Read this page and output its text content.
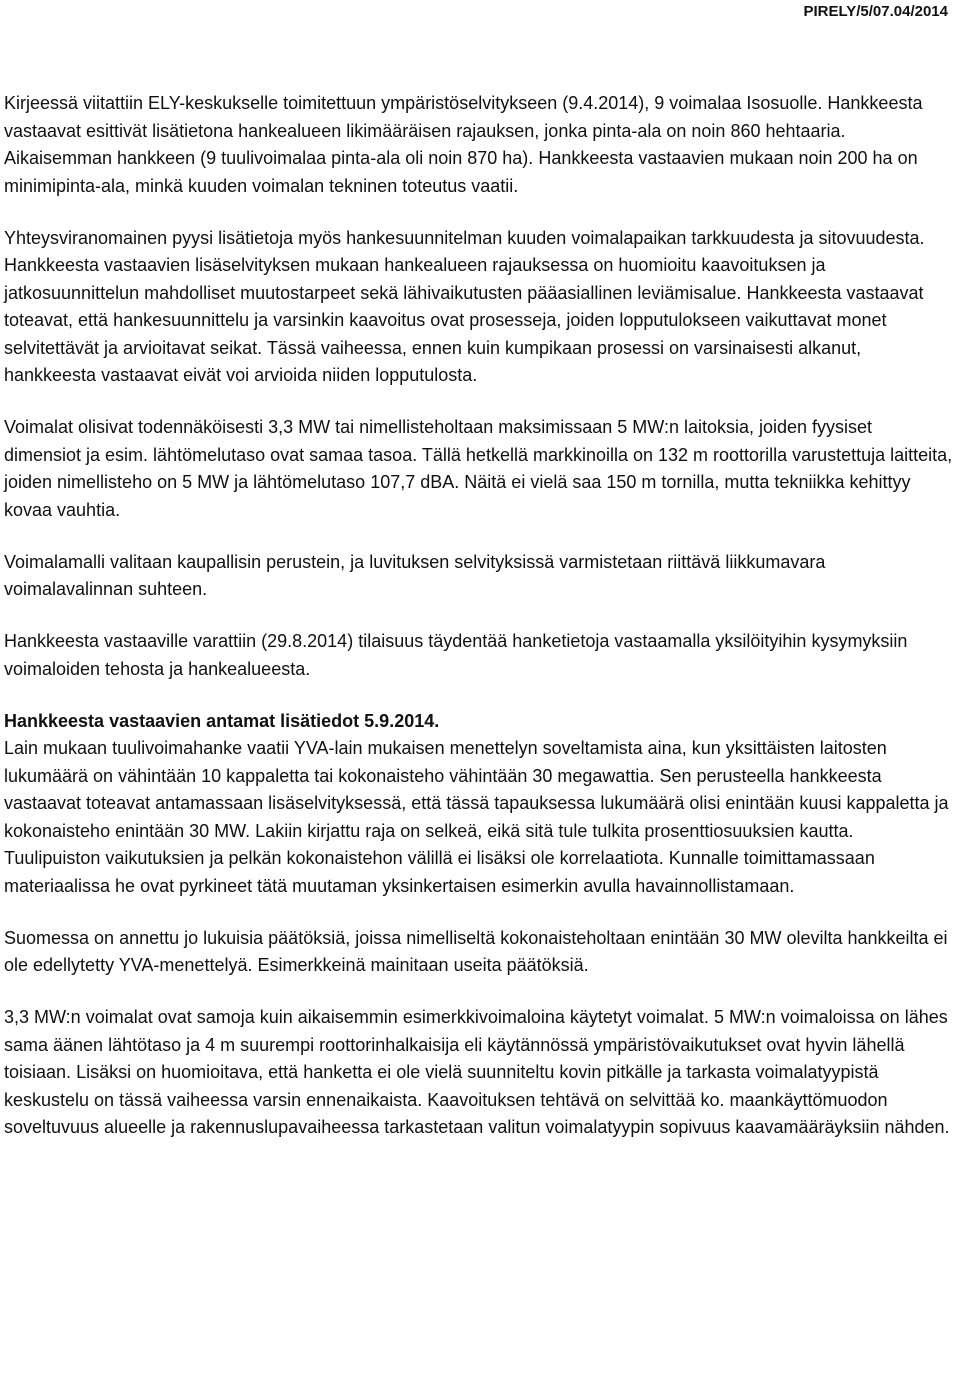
PIRELY/5/07.04/2014

Kirjeessä viitattiin ELY-keskukselle toimitettuun ympäristöselvitykseen (9.4.2014), 9 voimalaa Isosuolle. Hankkeesta vastaavat esittivät lisätietona hankealueen likimääräisen rajauksen, jonka pinta-ala on noin 860 hehtaaria. Aikaisemman hankkeen (9 tuulivoimalaa pinta-ala oli noin 870 ha). Hankkeesta vastaavien mukaan noin 200 ha on minimipinta-ala, minkä kuuden voimalan tekninen toteutus vaatii.

Yhteysviranomainen pyysi lisätietoja myös hankesuunnitelman kuuden voimalapaikan tarkkuudesta ja sitovuudesta. Hankkeesta vastaavien lisäselvityksen mukaan hankealueen rajauksessa on huomioitu kaavoituksen ja jatkosuunnittelun mahdolliset muutostarpeet sekä lähivaikutusten pääasiallinen leviämisalue. Hankkeesta vastaavat toteavat, että hankesuunnittelu ja varsinkin kaavoitus ovat prosesseja, joiden lopputulokseen vaikuttavat monet selvitettävät ja arvioitavat seikat. Tässä vaiheessa, ennen kuin kumpikaan prosessi on varsinaisesti alkanut, hankkeesta vastaavat eivät voi arvioida niiden lopputulosta.

Voimalat olisivat todennäköisesti 3,3 MW tai nimellisteholtaan maksimissaan 5 MW:n laitoksia, joiden fyysiset dimensiot ja esim. lähtömelutaso ovat samaa tasoa. Tällä hetkellä markkinoilla on 132 m roottorilla varustettuja laitteita, joiden nimellisteho on 5 MW ja lähtömelutaso 107,7 dBA. Näitä ei vielä saa 150 m tornilla, mutta tekniikka kehittyy kovaa vauhtia.

Voimalamalli valitaan kaupallisin perustein, ja luvituksen selvityksissä varmistetaan riittävä liikkumavara voimalavalinnan suhteen.

Hankkeesta vastaaville varattiin (29.8.2014) tilaisuus täydentää hanketietoja vastaamalla yksilöityihin kysymyksiin voimaloiden tehosta ja hankealueesta.

Hankkeesta vastaavien antamat lisätiedot 5.9.2014.

Lain mukaan tuulivoimahanke vaatii YVA-lain mukaisen menettelyn soveltamista aina, kun yksittäisten laitosten lukumäärä on vähintään 10 kappaletta tai kokonaisteho vähintään 30 megawattia. Sen perusteella hankkeesta vastaavat toteavat antamassaan lisäselvityksessä, että tässä tapauksessa lukumäärä olisi enintään kuusi kappaletta ja kokonaisteho enintään 30 MW. Lakiin kirjattu raja on selkeä, eikä sitä tule tulkita prosenttiosuuksien kautta. Tuulipuiston vaikutuksien ja pelkän kokonaistehon välillä ei lisäksi ole korrelaatiota. Kunnalle toimittamassaan materiaalissa he ovat pyrkineet tätä muutaman yksinkertaisen esimerkin avulla havainnollistamaan.

Suomessa on annettu jo lukuisia päätöksiä, joissa nimelliseltä kokonaisteholtaan enintään 30 MW olevilta hankkeilta ei ole edellytetty YVA-menettelyä. Esimerkkeinä mainitaan useita päätöksiä.

3,3 MW:n voimalat ovat samoja kuin aikaisemmin esimerkkivoimaloina käytetyt voimalat. 5 MW:n voimaloissa on lähes sama äänen lähtötaso ja 4 m suurempi roottorinhalkaisija eli käytännössä ympäristövaikutukset ovat hyvin lähellä toisiaan. Lisäksi on huomioitava, että hanketta ei ole vielä suunniteltu kovin pitkälle ja tarkasta voimalatyypistä keskustelu on tässä vaiheessa varsin ennenaikaista. Kaavoituksen tehtävä on selvittää ko. maankäyttömuodon soveltuvuus alueelle ja rakennuslupavaiheessa tarkastetaan valitun voimalatyypin sopivuus kaavamääräyksiin nähden.
